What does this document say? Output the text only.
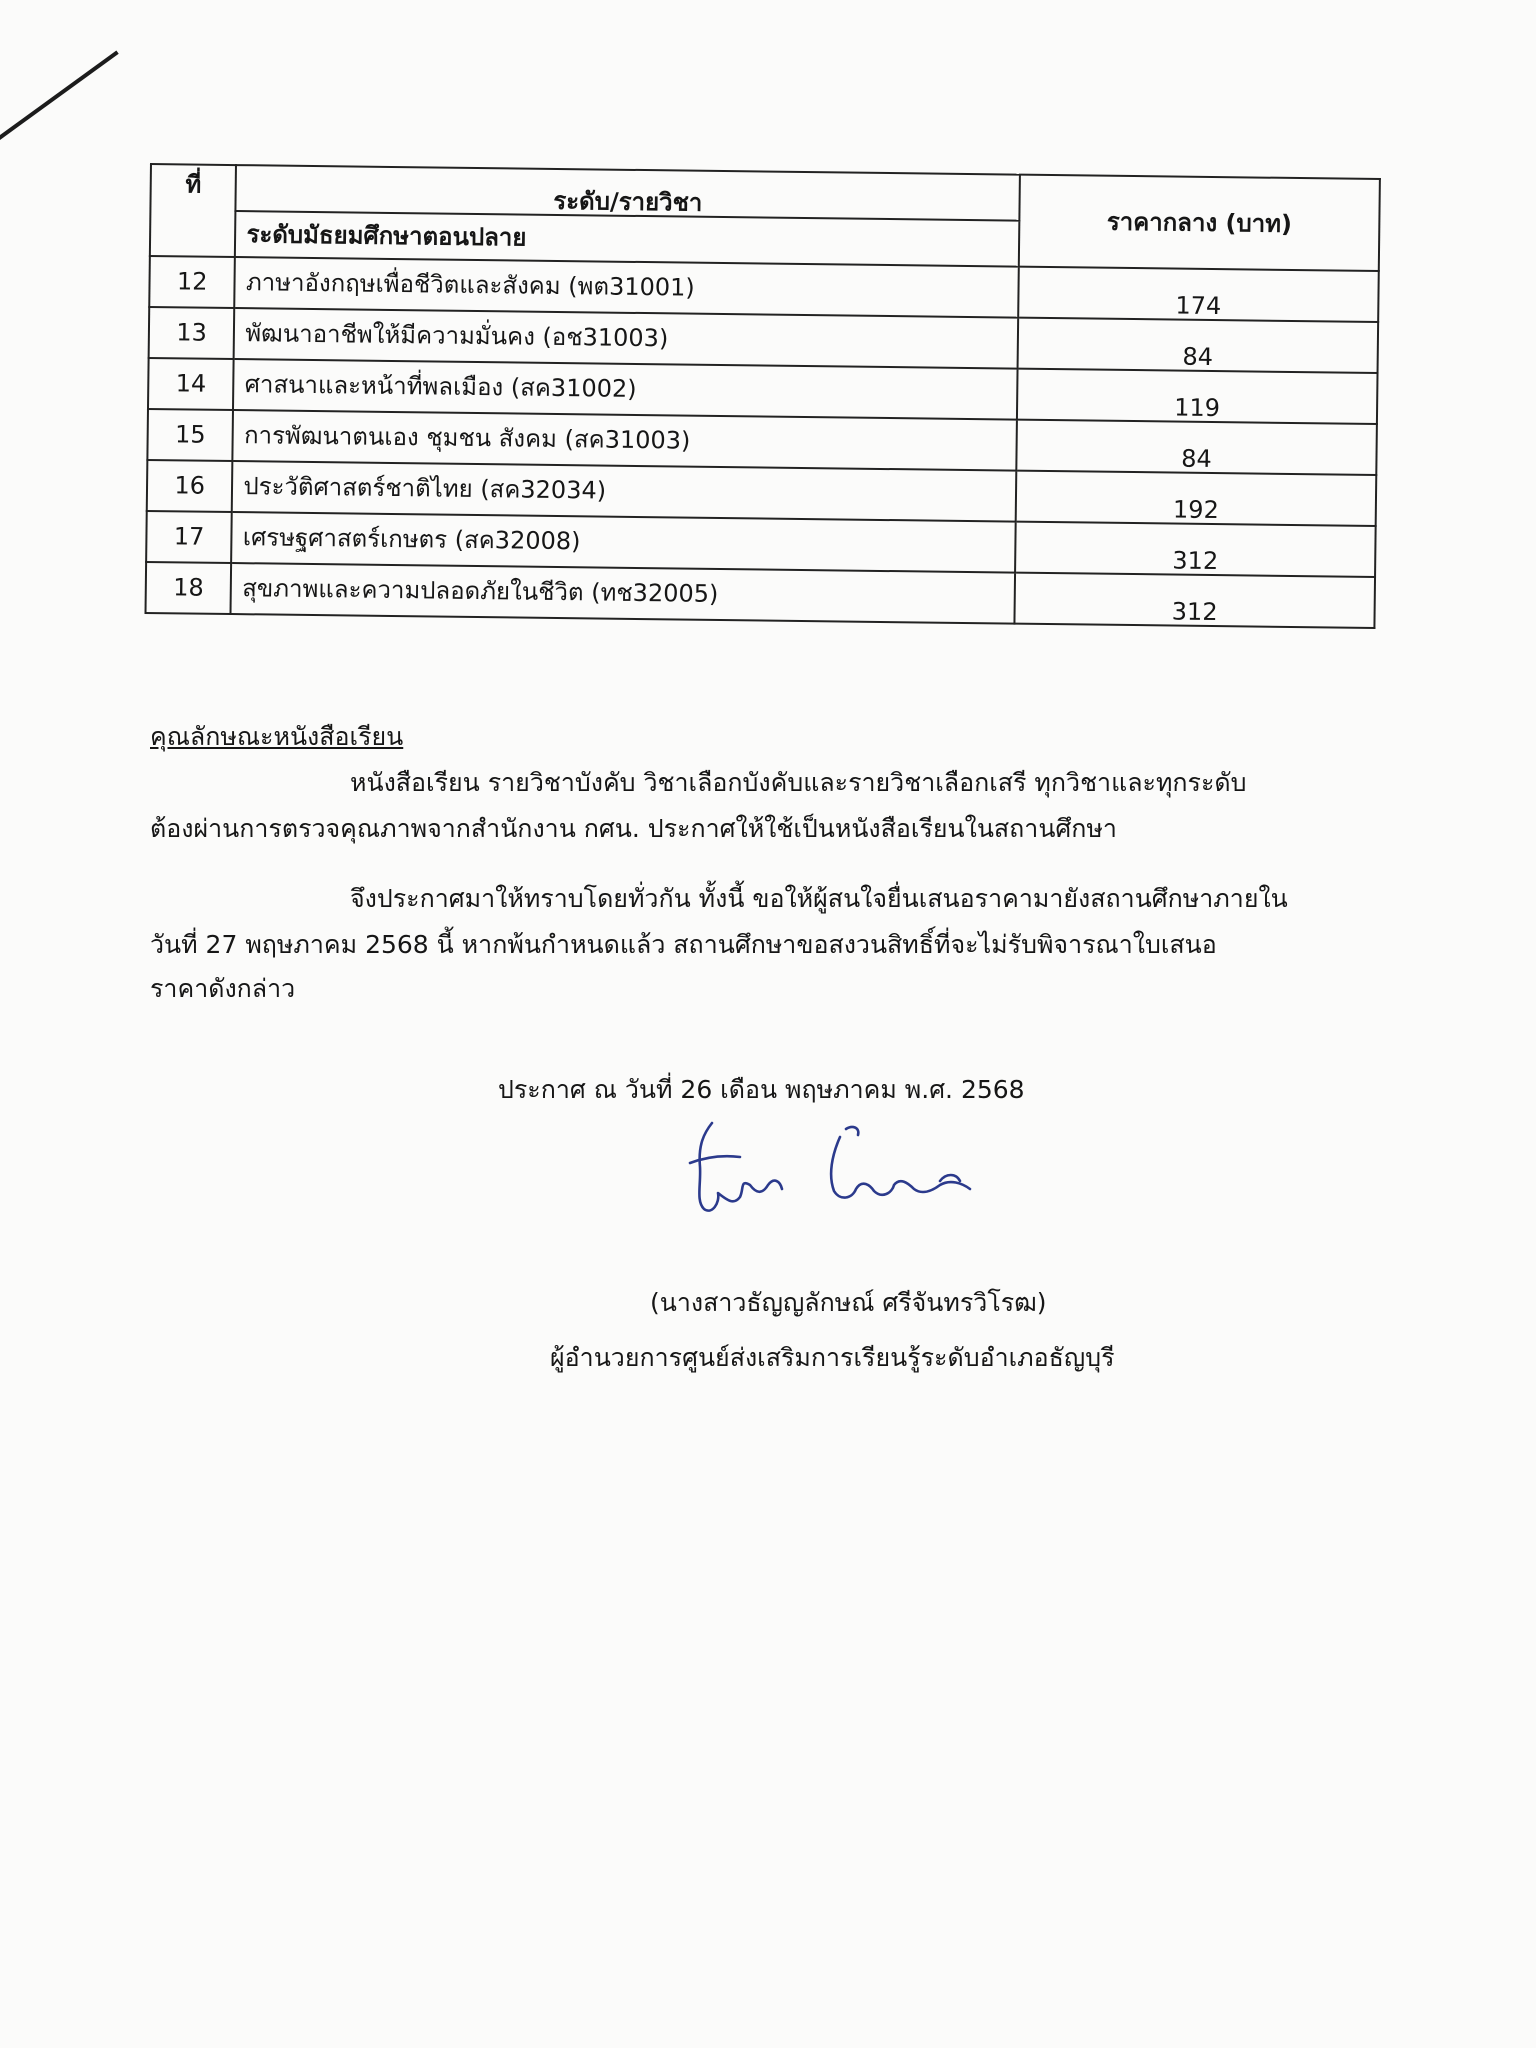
ที่	ระดับ/รายวิชา	ราคากลาง (บาท)
	ระดับมัธยมศึกษาตอนปลาย	
12	ภาษาอังกฤษเพื่อชีวิตและสังคม (พต31001)	174
13	พัฒนาอาชีพให้มีความมั่นคง (อช31003)	84
14	ศาสนาและหน้าที่พลเมือง (สค31002)	119
15	การพัฒนาตนเอง ชุมชน สังคม (สค31003)	84
16	ประวัติศาสตร์ชาติไทย (สค32034)	192
17	เศรษฐศาสตร์เกษตร (สค32008)	312
18	สุขภาพและความปลอดภัยในชีวิต (ทช32005)	312
คุณลักษณะหนังสือเรียน
หนังสือเรียน รายวิชาบังคับ วิชาเลือกบังคับและรายวิชาเลือกเสรี ทุกวิชาและทุกระดับ
ต้องผ่านการตรวจคุณภาพจากสำนักงาน กศน. ประกาศให้ใช้เป็นหนังสือเรียนในสถานศึกษา
จึงประกาศมาให้ทราบโดยทั่วกัน ทั้งนี้ ขอให้ผู้สนใจยื่นเสนอราคามายังสถานศึกษาภายใน
วันที่ 27 พฤษภาคม 2568 นี้ หากพ้นกำหนดแล้ว สถานศึกษาขอสงวนสิทธิ์ที่จะไม่รับพิจารณาใบเสนอ
ราคาดังกล่าว
ประกาศ ณ วันที่ 26 เดือน พฤษภาคม พ.ศ. 2568
(นางสาวธัญญลักษณ์ ศรีจันทรวิโรฒ)
ผู้อำนวยการศูนย์ส่งเสริมการเรียนรู้ระดับอำเภอธัญบุรี
